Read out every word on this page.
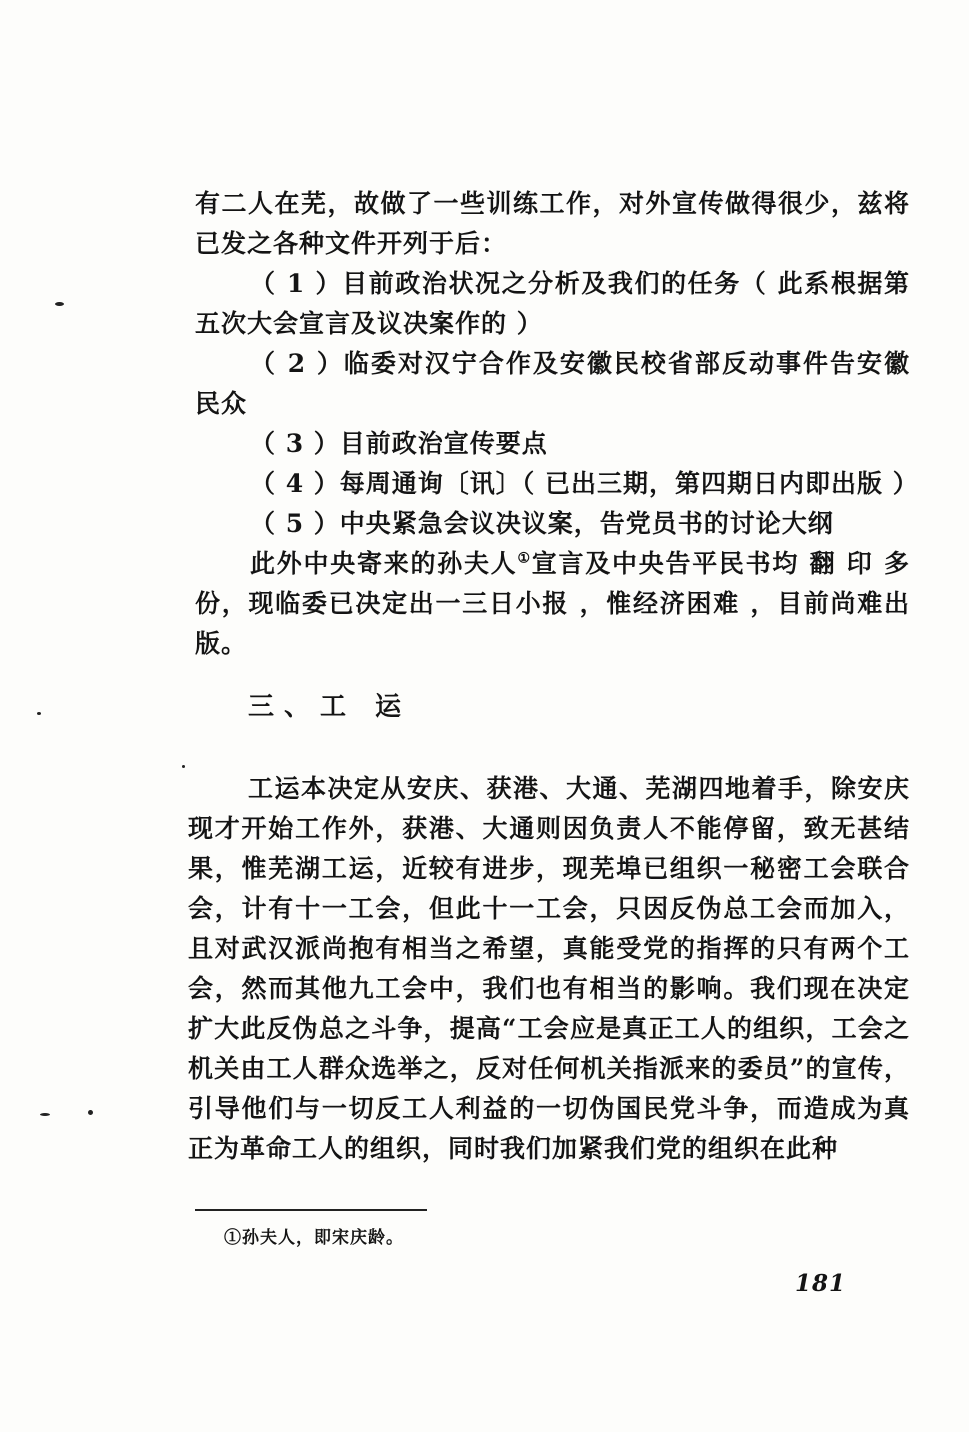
有二人在芜，故做了一些训练工作，对外宣传做得很少，兹将已发之各种文件开列于后：

（ 1 ）目前政治状况之分析及我们的任务（ 此系根据第五次大会宣言及议决案作的 ）

（ 2 ）临委对汉宁合作及安徽民校省部反动事件告安徽民众

（ 3 ）目前政治宣传要点

（ 4 ）每周通询〔讯〕（ 已出三期，第四期日内即出版 ）

（ 5 ）中央紧急会议决议案，告党员书的讨论大纲

此外中央寄来的孙夫人①宣言及中央告平民书均 翻 印 多份，现临委已决定出一三日小报 ，惟经济困难 ，目前尚难出版。

三、工 运

工运本决定从安庆、获港、大通、芜湖四地着手，除安庆现才开始工作外，获港、大通则因负责人不能停留，致无甚结果，惟芜湖工运，近较有进步，现芜埠已组织一秘密工会联合会，计有十一工会，但此十一工会，只因反伪总工会而加入，且对武汉派尚抱有相当之希望，真能受党的指挥的只有两个工会，然而其他九工会中，我们也有相当的影响。我们现在决定扩大此反伪总之斗争，提高“工会应是真正工人的组织，工会之机关由工人群众选举之，反对任何机关指派来的委员”的宣传，引导他们与一切反工人利益的一切伪国民党斗争，而造成为真正为革命工人的组织，同时我们加紧我们党的组织在此种

①孙夫人，即宋庆龄。
181
